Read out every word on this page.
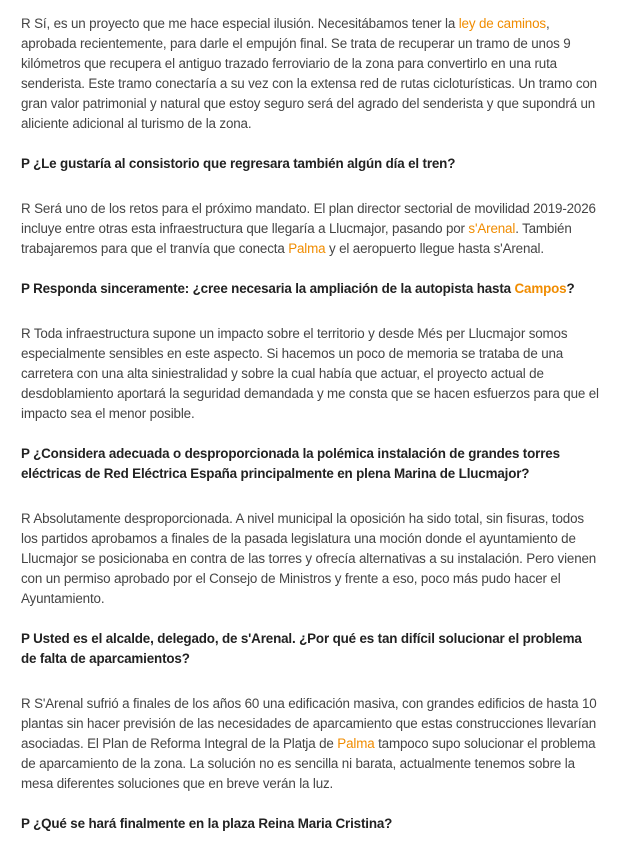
R Sí, es un proyecto que me hace especial ilusión. Necesitábamos tener la ley de caminos, aprobada recientemente, para darle el empujón final. Se trata de recuperar un tramo de unos 9 kilómetros que recupera el antiguo trazado ferroviario de la zona para convertirlo en una ruta senderista. Este tramo conectaría a su vez con la extensa red de rutas cicloturísticas. Un tramo con gran valor patrimonial y natural que estoy seguro será del agrado del senderista y que supondrá un aliciente adicional al turismo de la zona.

P ¿Le gustaría al consistorio que regresara también algún día el tren?

R Será uno de los retos para el próximo mandato. El plan director sectorial de movilidad 2019-2026 incluye entre otras esta infraestructura que llegaría a Llucmajor, pasando por s'Arenal. También trabajaremos para que el tranvía que conecta Palma y el aeropuerto llegue hasta s'Arenal.

P Responda sinceramente: ¿cree necesaria la ampliación de la autopista hasta Campos?

R Toda infraestructura supone un impacto sobre el territorio y desde Més per Llucmajor somos especialmente sensibles en este aspecto. Si hacemos un poco de memoria se trataba de una carretera con una alta siniestralidad y sobre la cual había que actuar, el proyecto actual de desdoblamiento aportará la seguridad demandada y me consta que se hacen esfuerzos para que el impacto sea el menor posible.

P ¿Considera adecuada o desproporcionada la polémica instalación de grandes torres eléctricas de Red Eléctrica España principalmente en plena Marina de Llucmajor?

R Absolutamente desproporcionada. A nivel municipal la oposición ha sido total, sin fisuras, todos los partidos aprobamos a finales de la pasada legislatura una moción donde el ayuntamiento de Llucmajor se posicionaba en contra de las torres y ofrecía alternativas a su instalación. Pero vienen con un permiso aprobado por el Consejo de Ministros y frente a eso, poco más pudo hacer el Ayuntamiento.

P Usted es el alcalde, delegado, de s'Arenal. ¿Por qué es tan difícil solucionar el problema de falta de aparcamientos?

R S'Arenal sufrió a finales de los años 60 una edificación masiva, con grandes edificios de hasta 10 plantas sin hacer previsión de las necesidades de aparcamiento que estas construcciones llevarían asociadas. El Plan de Reforma Integral de la Platja de Palma tampoco supo solucionar el problema de aparcamiento de la zona. La solución no es sencilla ni barata, actualmente tenemos sobre la mesa diferentes soluciones que en breve verán la luz.

P ¿Qué se hará finalmente en la plaza Reina Maria Cristina?
